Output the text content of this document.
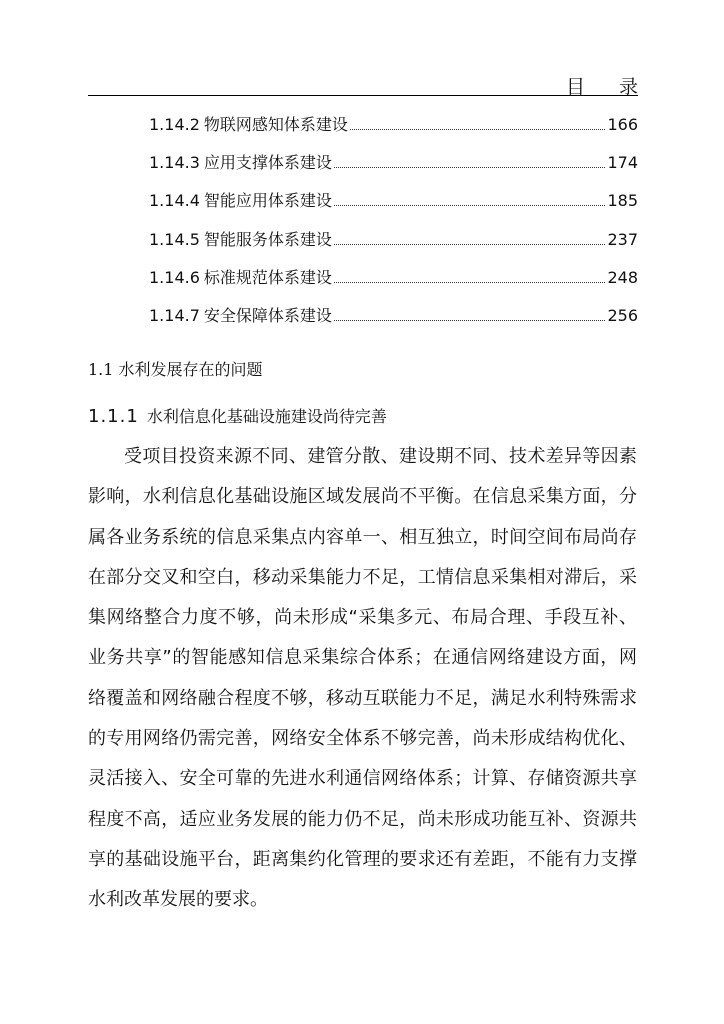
目 录
1.14.2 物联网感知体系建设	166
1.14.3 应用支撑体系建设	174
1.14.4 智能应用体系建设	185
1.14.5 智能服务体系建设	237
1.14.6 标准规范体系建设	248
1.14.7 安全保障体系建设	256
1.1 水利发展存在的问题
1.1.1 水利信息化基础设施建设尚待完善

受项目投资来源不同、建管分散、建设期不同、技术差异等因素影响，水利信息化基础设施区域发展尚不平衡。在信息采集方面，分属各业务系统的信息采集点内容单一、相互独立，时间空间布局尚存在部分交叉和空白，移动采集能力不足，工情信息采集相对滞后，采集网络整合力度不够，尚未形成“采集多元、布局合理、手段互补、业务共享”的智能感知信息采集综合体系；在通信网络建设方面，网络覆盖和网络融合程度不够，移动互联能力不足，满足水利特殊需求的专用网络仍需完善，网络安全体系不够完善，尚未形成结构优化、灵活接入、安全可靠的先进水利通信网络体系；计算、存储资源共享程度不高，适应业务发展的能力仍不足，尚未形成功能互补、资源共享的基础设施平台，距离集约化管理的要求还有差距，不能有力支撑水利改革发展的要求。
